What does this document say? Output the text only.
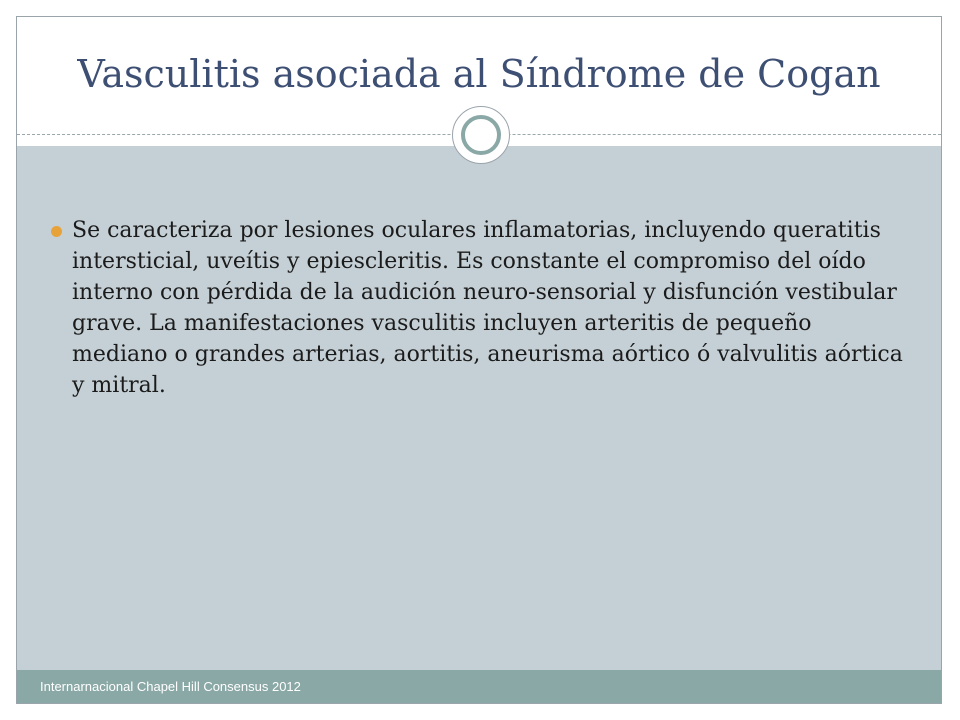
Vasculitis asociada al Síndrome de Cogan
Se caracteriza por lesiones oculares inflamatorias, incluyendo queratitis intersticial, uveítis y epiescleritis. Es constante el compromiso del oído interno con pérdida de la audición neuro-sensorial y disfunción vestibular grave. La manifestaciones vasculitis incluyen arteritis de pequeño mediano o grandes arterias, aortitis, aneurisma aórtico ó valvulitis aórtica y mitral.
Internarnacional Chapel Hill Consensus 2012
